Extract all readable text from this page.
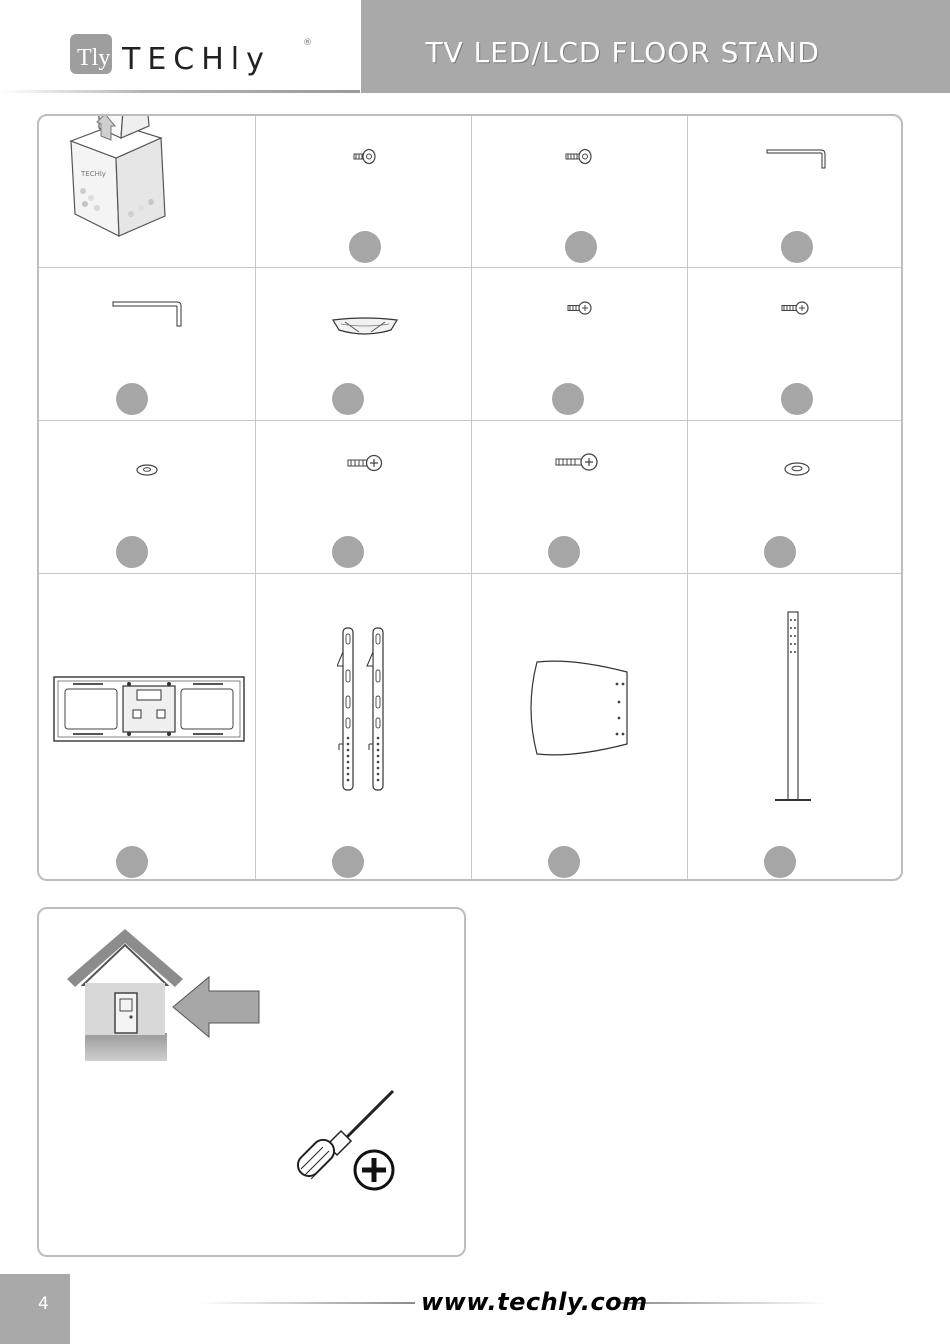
Tly TECHly	®	TV LED/LCD FLOOR STAND
TECHly
4	www.techly.com
